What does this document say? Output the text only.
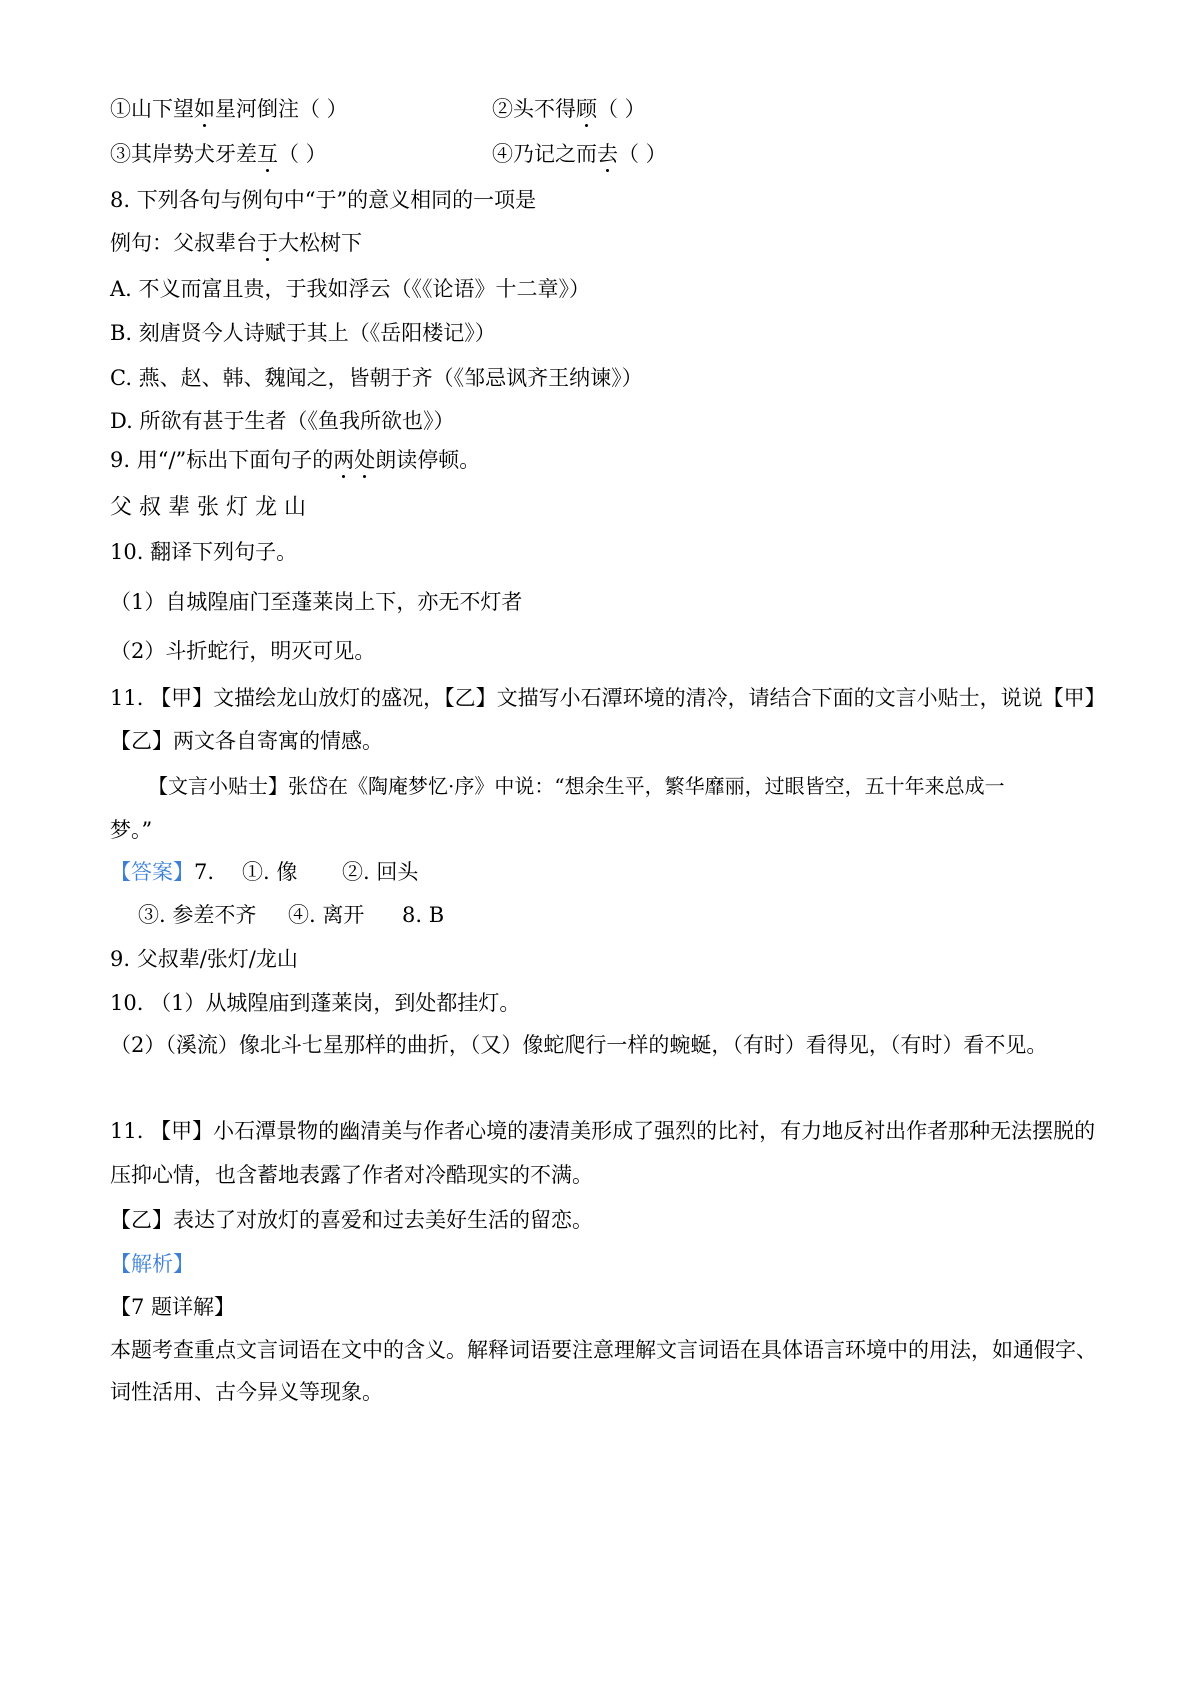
①山下望如星河倒注（ ）	②头不得顾（ ）
③其岸势犬牙差互（ ）	④乃记之而去（ ）
8. 下列各句与例句中“于”的意义相同的一项是
例句：父叔辈台于大松树下
A. 不义而富且贵，于我如浮云（《《论语》十二章》）
B. 刻唐贤今人诗赋于其上（《岳阳楼记》）
C. 燕、赵、韩、魏闻之，皆朝于齐（《邹忌讽齐王纳谏》）
D. 所欲有甚于生者（《鱼我所欲也》）
9. 用“/”标出下面句子的两处朗读停顿。
父 叔 辈 张 灯 龙 山
10. 翻译下列句子。
（1）自城隍庙门至蓬莱岗上下，亦无不灯者
（2）斗折蛇行，明灭可见。
11. 【甲】文描绘龙山放灯的盛况，【乙】文描写小石潭环境的清冷，请结合下面的文言小贴士，说说【甲】
【乙】两文各自寄寓的情感。
【文言小贴士】张岱在《陶庵梦忆·序》中说：“想余生平，繁华靡丽，过眼皆空，五十年来总成一
梦。”
【答案】7. ①. 像 ②. 回头
③. 参差不齐 ④. 离开 8. B
9. 父叔辈/张灯/龙山
10. （1）从城隍庙到蓬莱岗，到处都挂灯。
（2）（溪流）像北斗七星那样的曲折，（又）像蛇爬行一样的蜿蜒，（有时）看得见，（有时）看不见。
11. 【甲】小石潭景物的幽清美与作者心境的凄清美形成了强烈的比衬，有力地反衬出作者那种无法摆脱的
压抑心情，也含蓄地表露了作者对冷酷现实的不满。
【乙】表达了对放灯的喜爱和过去美好生活的留恋。
【解析】
【7 题详解】
本题考查重点文言词语在文中的含义。解释词语要注意理解文言词语在具体语言环境中的用法，如通假字、
词性活用、古今异义等现象。
